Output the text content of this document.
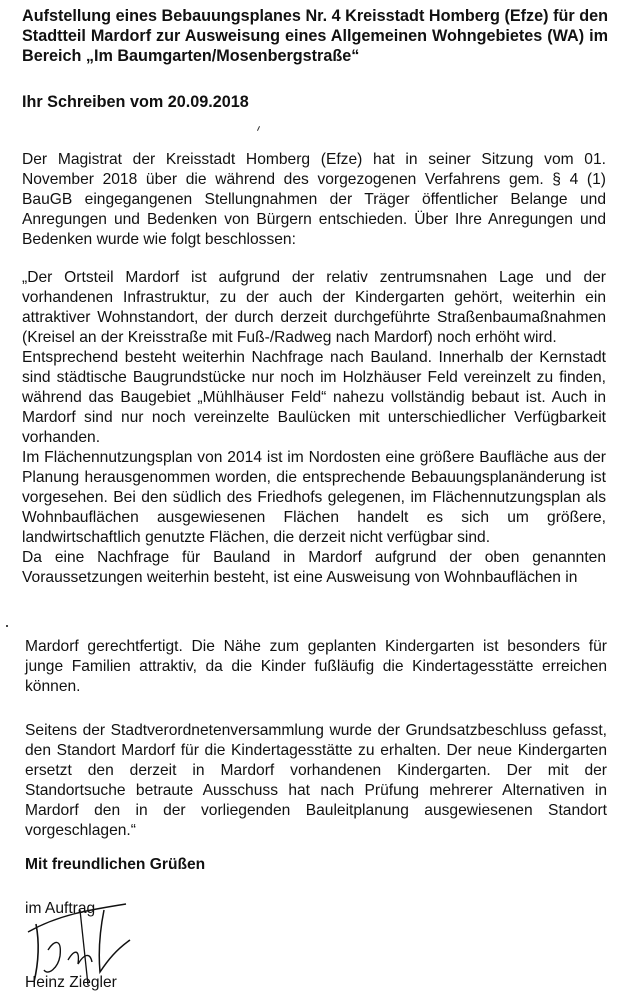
Aufstellung eines Bebauungsplanes Nr. 4 Kreisstadt Homberg (Efze) für den Stadtteil Mardorf zur Ausweisung eines Allgemeinen Wohngebietes (WA) im Bereich „Im Baumgarten/Mosenbergstraße“
Ihr Schreiben vom 20.09.2018
Der Magistrat der Kreisstadt Homberg (Efze) hat in seiner Sitzung vom 01. November 2018 über die während des vorgezogenen Verfahrens gem. § 4 (1) BauGB eingegangenen Stellungnahmen der Träger öffentlicher Belange und Anregungen und Bedenken von Bürgern entschieden. Über Ihre Anregungen und Bedenken wurde wie folgt beschlossen:
„Der Ortsteil Mardorf ist aufgrund der relativ zentrumsnahen Lage und der vorhandenen Infrastruktur, zu der auch der Kindergarten gehört, weiterhin ein attraktiver Wohnstandort, der durch derzeit durchgeführte Straßenbaumaßnahmen (Kreisel an der Kreisstraße mit Fuß-/Radweg nach Mardorf) noch erhöht wird.
Entsprechend besteht weiterhin Nachfrage nach Bauland. Innerhalb der Kernstadt sind städtische Baugrundstücke nur noch im Holzhäuser Feld vereinzelt zu finden, während das Baugebiet „Mühlhäuser Feld“ nahezu vollständig bebaut ist. Auch in Mardorf sind nur noch vereinzelte Baulücken mit unterschiedlicher Verfügbarkeit vorhanden.
Im Flächennutzungsplan von 2014 ist im Nordosten eine größere Baufläche aus der Planung herausgenommen worden, die entsprechende Bebauungsplanänderung ist vorgesehen. Bei den südlich des Friedhofs gelegenen, im Flächennutzungsplan als Wohnbauflächen ausgewiesenen Flächen handelt es sich um größere, landwirtschaftlich genutzte Flächen, die derzeit nicht verfügbar sind.
Da eine Nachfrage für Bauland in Mardorf aufgrund der oben genannten Voraussetzungen weiterhin besteht, ist eine Ausweisung von Wohnbauflächen in
Mardorf gerechtfertigt. Die Nähe zum geplanten Kindergarten ist besonders für junge Familien attraktiv, da die Kinder fußläufig die Kindertagesstätte erreichen können.
Seitens der Stadtverordnetenversammlung wurde der Grundsatzbeschluss gefasst, den Standort Mardorf für die Kindertagesstätte zu erhalten. Der neue Kindergarten ersetzt den derzeit in Mardorf vorhandenen Kindergarten. Der mit der Standortsuche betraute Ausschuss hat nach Prüfung mehrerer Alternativen in Mardorf den in der vorliegenden Bauleitplanung ausgewiesenen Standort vorgeschlagen.“
Mit freundlichen Grüßen
im Auftrag
Heinz Ziegler
